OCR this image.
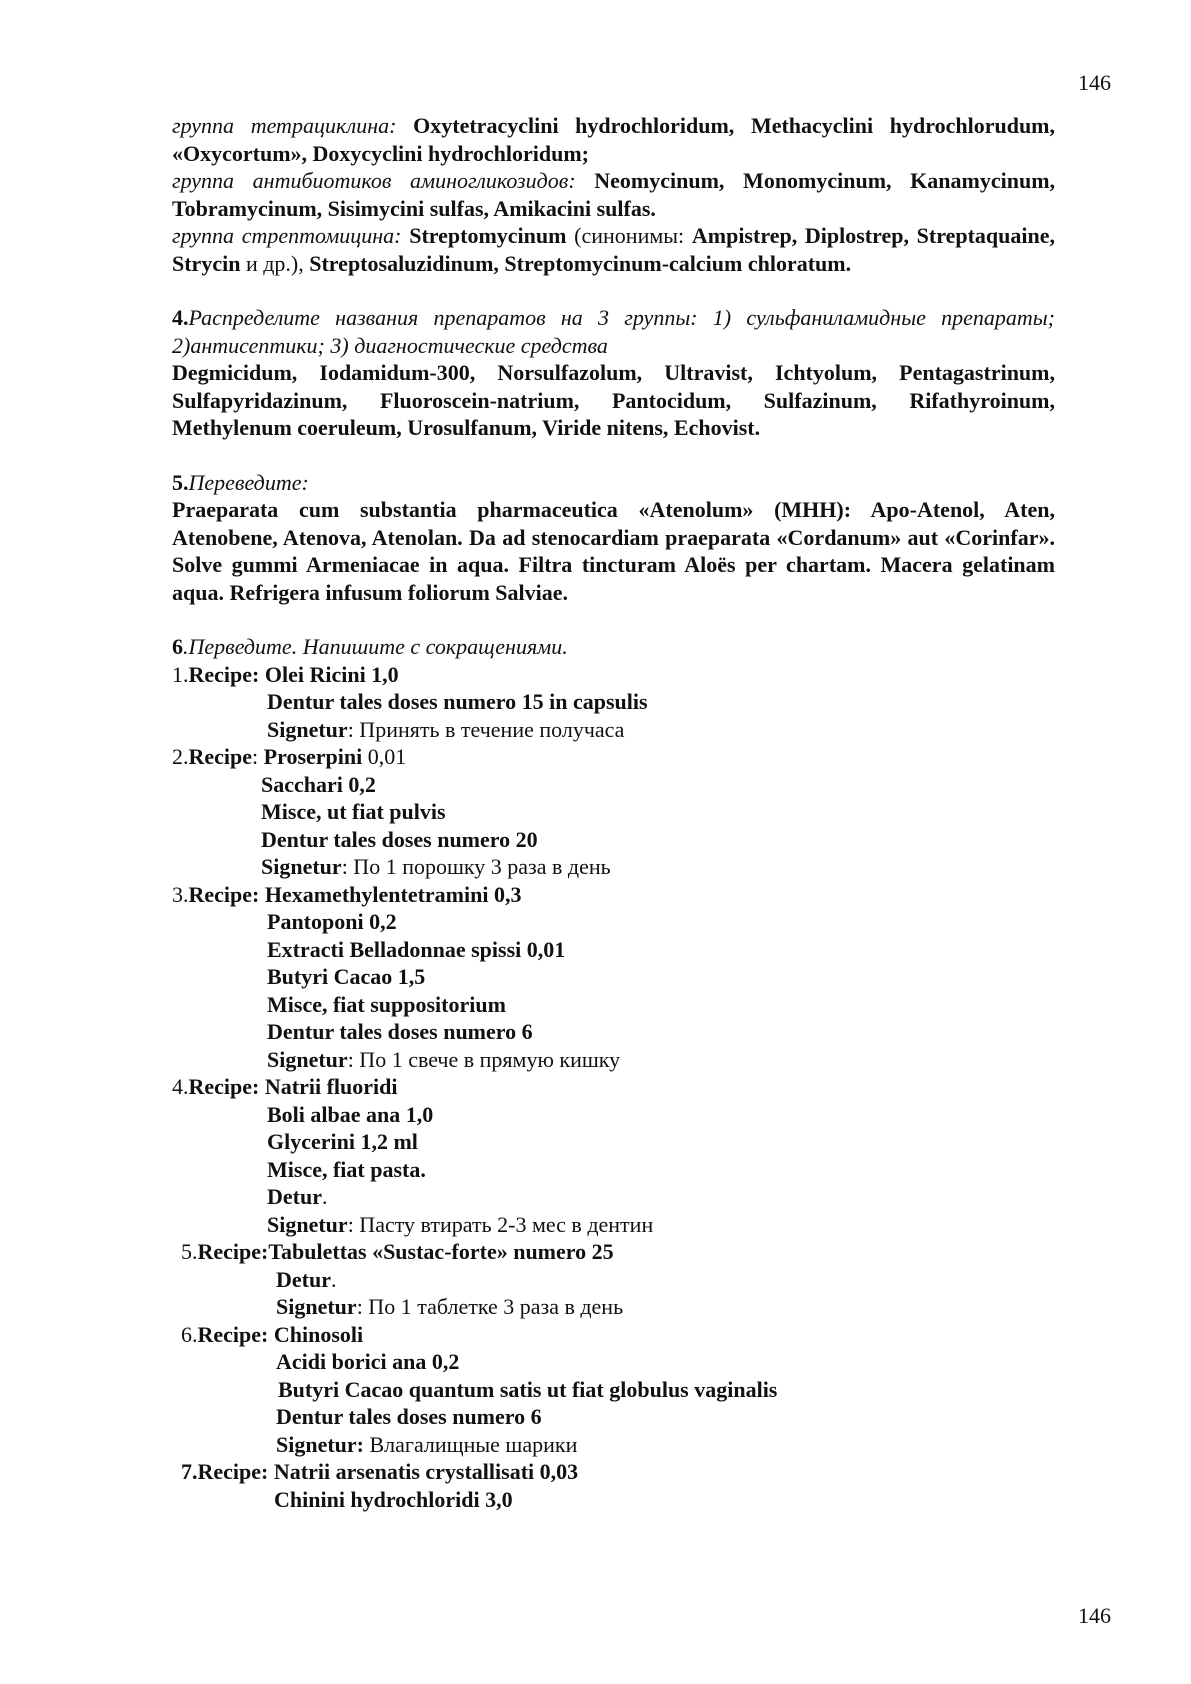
146

группа тетрациклина: Oxytetracyclini hydrochloridum, Methacyclini hydrochlorudum, «Oxycortum», Doxycyclini hydrochloridum;

группа антибиотиков аминогликозидов: Neomycinum, Monomycinum, Kanamycinum, Tobramycinum, Sisimycini sulfas, Amikacini sulfas.

группа стрептомицина: Streptomycinum (синонимы: Ampistrep, Diplostrep, Streptaquaine, Strycin и др.), Streptosaluzidinum, Streptomycinum-calcium chloratum.

4.Распределите названия препаратов на 3 группы: 1) сульфаниламидные препараты; 2)антисептики; 3) диагностические средства

Degmicidum, Iodamidum-300, Norsulfazolum, Ultravist, Ichtyolum, Pentagastrinum, Sulfapyridazinum, Fluoroscein-natrium, Pantocidum, Sulfazinum, Rifathyroinum, Methylenum coeruleum, Urosulfanum, Viride nitens, Echovist.

5.Переведите:

Praeparata cum substantia pharmaceutica «Atenolum» (МНН): Apo-Atenol, Aten, Atenobene, Atenova, Atenolan. Da ad stenocardiam praeparata «Cordanum» aut «Corinfar». Solve gummi Armeniacae in aqua. Filtra tincturam Aloës per chartam. Macera gelatinam aqua. Refrigera infusum foliorum Salviae.

6.Перведите. Напишите с сокращениями.

1.Recipe: Olei Ricini 1,0
Dentur tales doses numero 15 in capsulis
Signetur: Принять в течение получаса
2.Recipe: Proserpini 0,01
Sacchari 0,2
Misce, ut fiat pulvis
Dentur tales doses numero 20
Signetur: По 1 порошку 3 раза в день
3.Recipe: Hexamethylentetramini 0,3
Pantoponi 0,2
Extracti Belladonnae spissi 0,01
Butyri Cacao 1,5
Misce, fiat suppositorium
Dentur tales doses numero 6
Signetur: По 1 свече в прямую кишку
4.Recipe: Natrii fluoridi
Boli albae ana 1,0
Glycerini 1,2 ml
Misce, fiat pasta.
Detur.
Signetur: Пасту втирать 2-3 мес в дентин
5.Recipe:Tabulettas «Sustac-forte» numero 25
Detur.
Signetur: По 1 таблетке 3 раза в день
6.Recipe: Chinosoli
Acidi borici ana 0,2
Butyri Cacao quantum satis ut fiat globulus vaginalis
Dentur tales doses numero 6
Signetur: Влагалищные шарики
7.Recipe: Natrii arsenatis crystallisati 0,03
Chinini hydrochloridi 3,0
146
